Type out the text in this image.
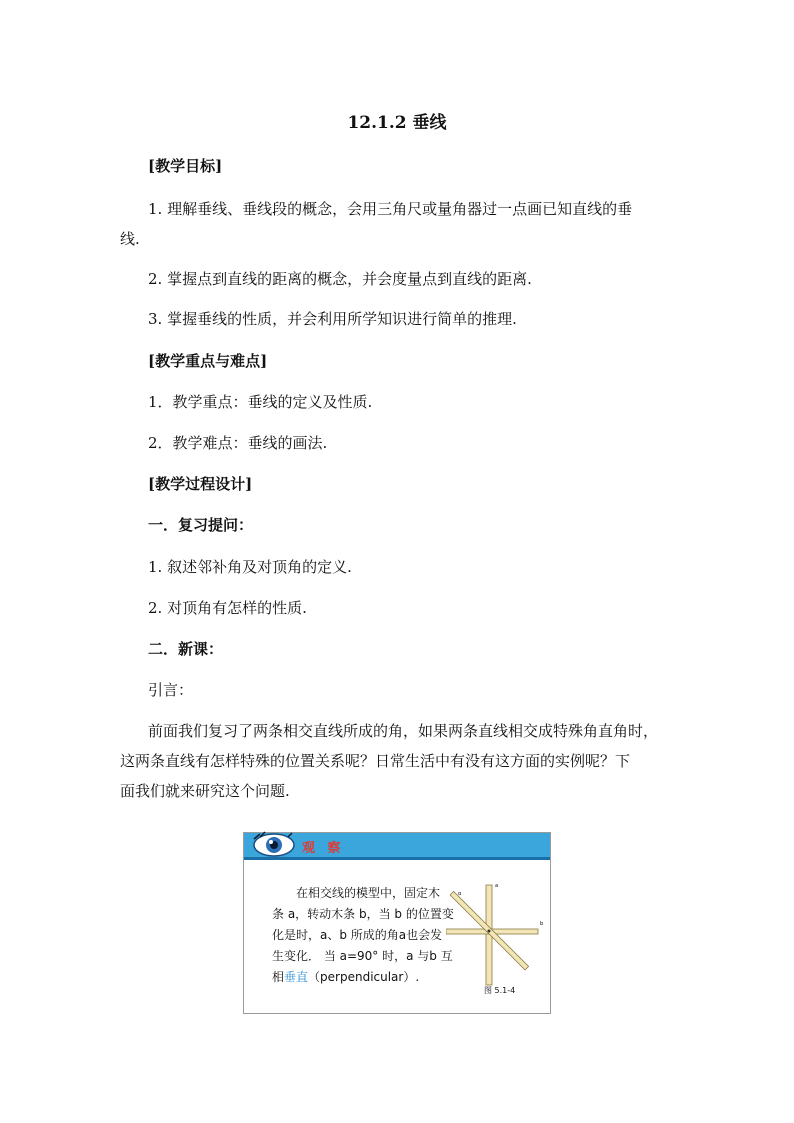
12.1.2 垂线
[教学目标]
1. 理解垂线、垂线段的概念，会用三角尺或量角器过一点画已知直线的垂
线.
2. 掌握点到直线的距离的概念，并会度量点到直线的距离.
3. 掌握垂线的性质，并会利用所学知识进行简单的推理.
[教学重点与难点]
1．教学重点：垂线的定义及性质.
2．教学难点：垂线的画法.
[教学过程设计]
一．复习提问：
1. 叙述邻补角及对顶角的定义.
2. 对顶角有怎样的性质.
二．新课：
引言：
前面我们复习了两条相交直线所成的角，如果两条直线相交成特殊角直角时，
这两条直线有怎样特殊的位置关系呢？日常生活中有没有这方面的实例呢？下
面我们就来研究这个问题.
观 察
在相交线的模型中，固定木
条 a，转动木条 b，当 b 的位置变
化是时，a、b 所成的角a也会发
生变化． 当 a=90° 时，a 与b 互
相垂直（perpendicular）.
a
b
α
图 5.1-4
